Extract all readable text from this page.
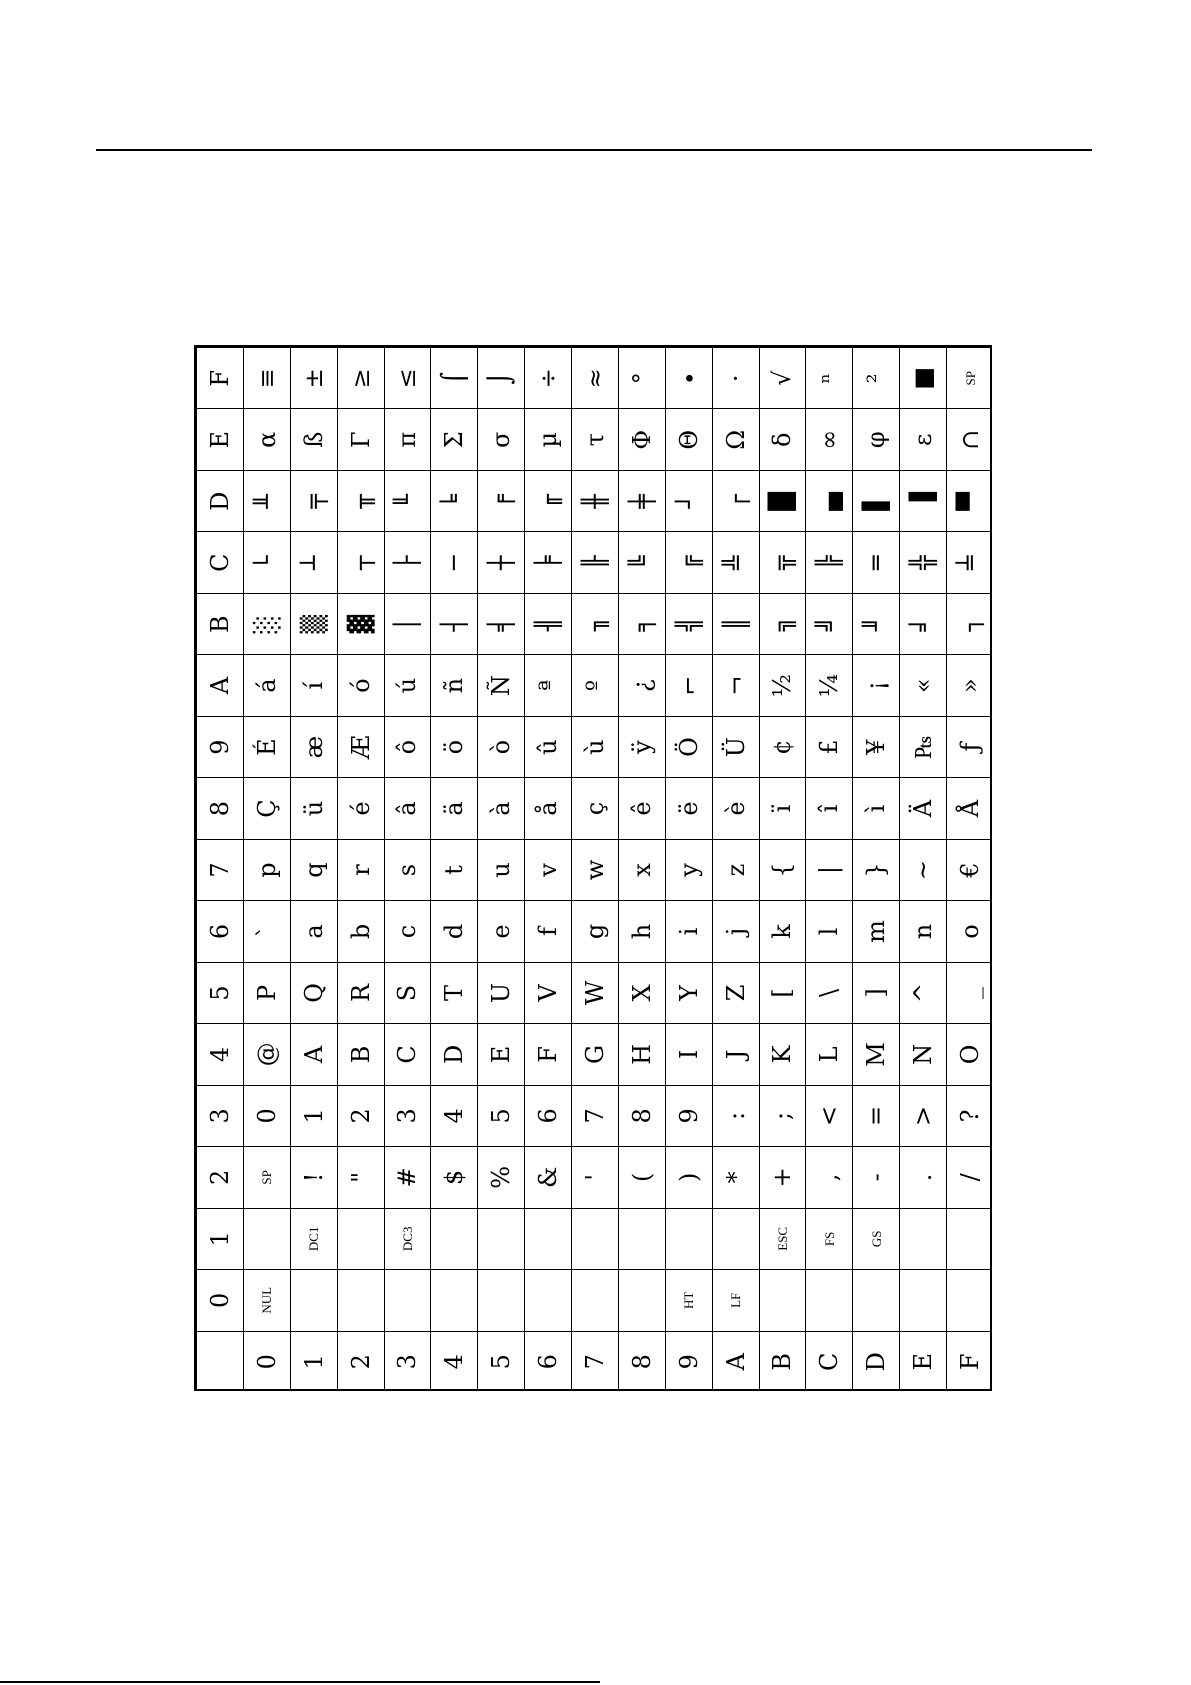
	0	1	2	3	4	5	6	7	8	9	A	B	C	D	E	F
0	NUL		SP	0	@	P	`	p	Ç	É	á	░	└	╨	α	≡
1		DC1	!	1	A	Q	a	q	ü	æ	í	▒	┴	╤	ß	±
2			"	2	B	R	b	r	é	Æ	ó	▓	┬	╥	Γ	≥
3		DC3	#	3	C	S	c	s	â	ô	ú	│	├	╙	π	≤
4			$	4	D	T	d	t	ä	ö	ñ	┤	─	╘	Σ	⌠
5			%	5	E	U	e	u	à	ò	Ñ	╡	┼	╒	σ	⌡
6			&	6	F	V	f	v	å	û	ª	╢	╞	╓	µ	÷
7			'	7	G	W	g	w	ç	ù	º	╖	╟	╫	τ	≈
8			(	8	H	X	h	x	ê	ÿ	¿	╕	╚	╪	Φ	°
9	HT		)	9	I	Y	i	y	ë	Ö	⌐	╣	╔	┘	Θ	∙
A	LF		*	:	J	Z	j	z	è	Ü	¬	║	╩	┌	Ω	·
B		ESC	+	;	K	[	k	{	ï	¢	½	╗	╦	█	δ	√
C		FS	,	<	L	\	l	|	î	£	¼	╝	╠	▄	∞	ⁿ
D		GS	-	=	M	]	m	}	ì	¥	¡	╜	═	▌	φ	²
E			.	>	N	^	n	~	Ä	₧	«	╛	╬	▐	ε	■
F			/	?	O	_	o	€	Å	ƒ	»	┐	╧	▀	∩	SP
